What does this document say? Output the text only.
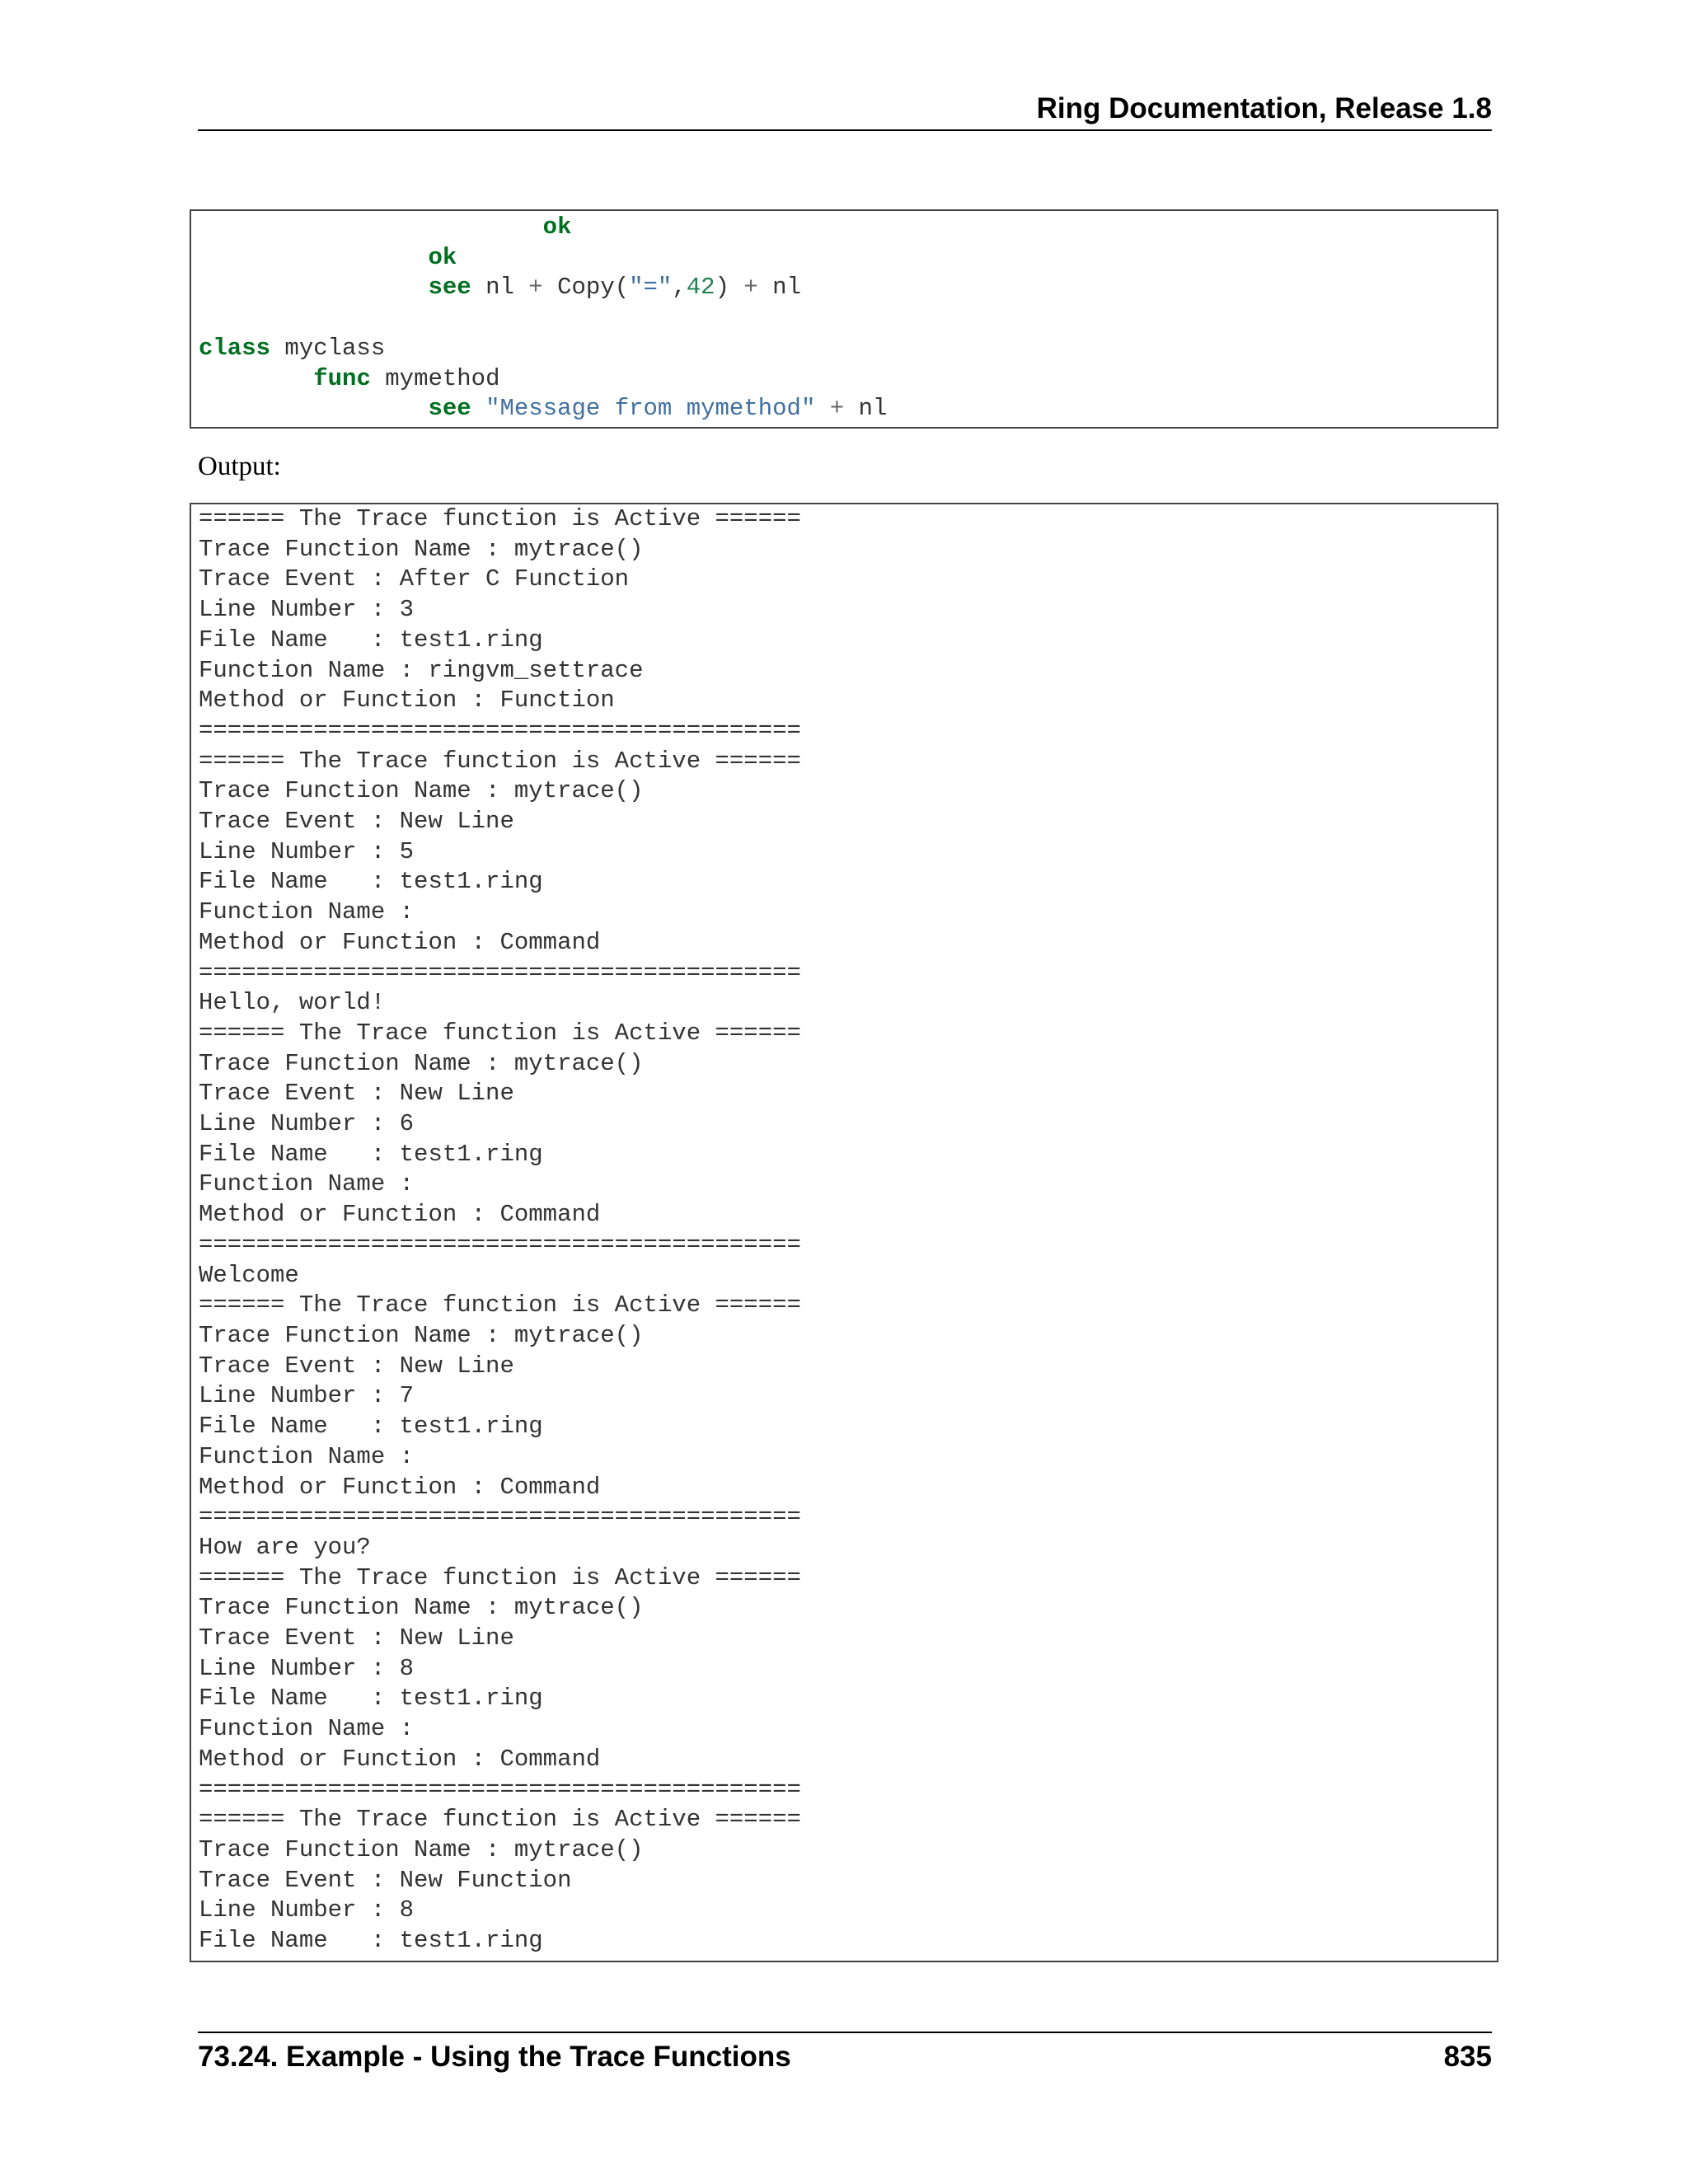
Ring Documentation, Release 1.8
ok
ok
see nl + Copy("=",42) + nl

class myclass
func mymethod
see "Message from mymethod" + nl
Output:
====== The Trace function is Active ======
Trace Function Name : mytrace()
Trace Event : After C Function
Line Number : 3
File Name   : test1.ring
Function Name : ringvm_settrace
Method or Function : Function
==========================================
====== The Trace function is Active ======
Trace Function Name : mytrace()
Trace Event : New Line
Line Number : 5
File Name   : test1.ring
Function Name :
Method or Function : Command
==========================================
Hello, world!
====== The Trace function is Active ======
Trace Function Name : mytrace()
Trace Event : New Line
Line Number : 6
File Name   : test1.ring
Function Name :
Method or Function : Command
==========================================
Welcome
====== The Trace function is Active ======
Trace Function Name : mytrace()
Trace Event : New Line
Line Number : 7
File Name   : test1.ring
Function Name :
Method or Function : Command
==========================================
How are you?
====== The Trace function is Active ======
Trace Function Name : mytrace()
Trace Event : New Line
Line Number : 8
File Name   : test1.ring
Function Name :
Method or Function : Command
==========================================
====== The Trace function is Active ======
Trace Function Name : mytrace()
Trace Event : New Function
Line Number : 8
File Name   : test1.ring
73.24. Example - Using the Trace Functions	835
